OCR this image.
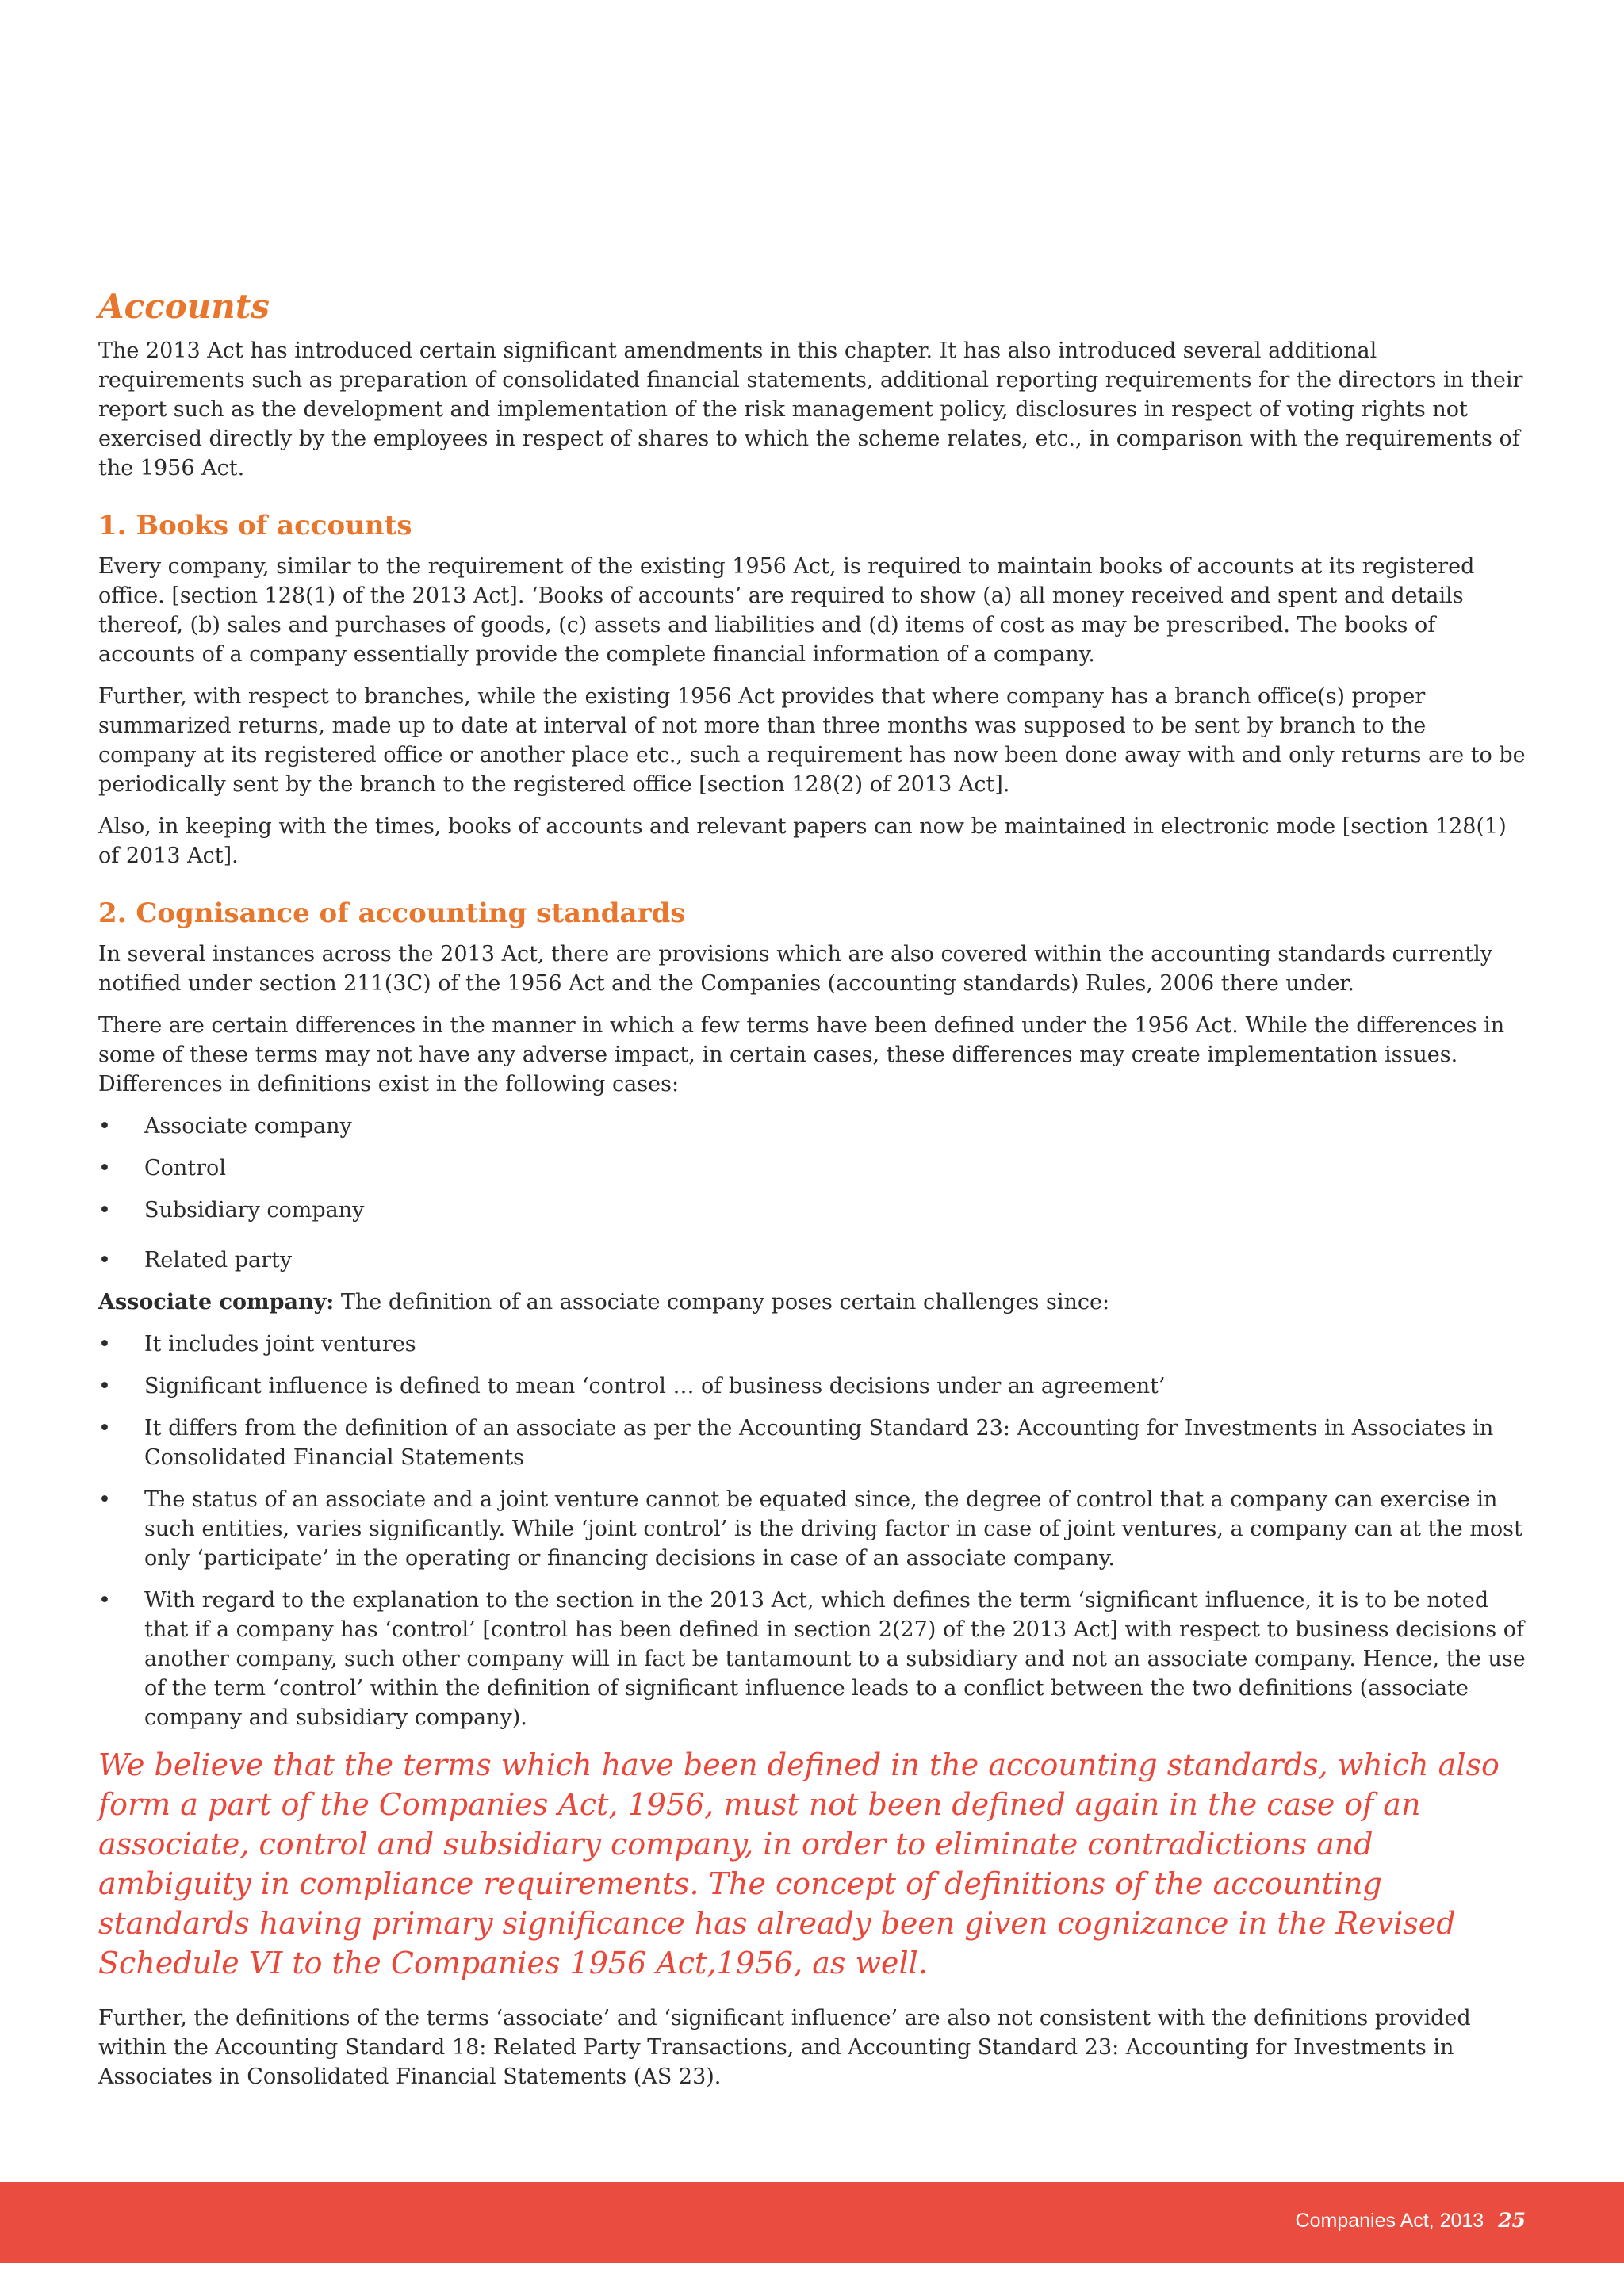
Accounts

The 2013 Act has introduced certain significant amendments in this chapter. It has also introduced several additional requirements such as preparation of consolidated financial statements, additional reporting requirements for the directors in their report such as the development and implementation of the risk management policy, disclosures in respect of voting rights not exercised directly by the employees in respect of shares to which the scheme relates, etc., in comparison with the requirements of the 1956 Act.

1. Books of accounts

Every company, similar to the requirement of the existing 1956 Act, is required to maintain books of accounts at its registered office. [section 128(1) of the 2013 Act]. ‘Books of accounts’ are required to show (a) all money received and spent and details thereof, (b) sales and purchases of goods, (c) assets and liabilities and (d) items of cost as may be prescribed. The books of accounts of a company essentially provide the complete financial information of a company.

Further, with respect to branches, while the existing 1956 Act provides that where company has a branch office(s) proper summarized returns, made up to date at interval of not more than three months was supposed to be sent by branch to the company at its registered office or another place etc., such a requirement has now been done away with and only returns are to be periodically sent by the branch to the registered office [section 128(2) of 2013 Act].

Also, in keeping with the times, books of accounts and relevant papers can now be maintained in electronic mode [section 128(1) of 2013 Act].

2. Cognisance of accounting standards

In several instances across the 2013 Act, there are provisions which are also covered within the accounting standards currently notified under section 211(3C) of the 1956 Act and the Companies (accounting standards) Rules, 2006 there under.

There are certain differences in the manner in which a few terms have been defined under the 1956 Act. While the differences in some of these terms may not have any adverse impact, in certain cases, these differences may create implementation issues. Differences in definitions exist in the following cases:

• Associate company
• Control
• Subsidiary company
• Related party

Associate company: The definition of an associate company poses certain challenges since:

• It includes joint ventures
• Significant influence is defined to mean ‘control … of business decisions under an agreement’
• It differs from the definition of an associate as per the Accounting Standard 23: Accounting for Investments in Associates in Consolidated Financial Statements
• The status of an associate and a joint venture cannot be equated since, the degree of control that a company can exercise in such entities, varies significantly. While ‘joint control’ is the driving factor in case of joint ventures, a company can at the most only ‘participate’ in the operating or financing decisions in case of an associate company.
• With regard to the explanation to the section in the 2013 Act, which defines the term ‘significant influence, it is to be noted that if a company has ‘control’ [control has been defined in section 2(27) of the 2013 Act] with respect to business decisions of another company, such other company will in fact be tantamount to a subsidiary and not an associate company. Hence, the use of the term ‘control’ within the definition of significant influence leads to a conflict between the two definitions (associate company and subsidiary company).

We believe that the terms which have been defined in the accounting standards, which also form a part of the Companies Act, 1956, must not been defined again in the case of an associate, control and subsidiary company, in order to eliminate contradictions and ambiguity in compliance requirements. The concept of definitions of the accounting standards having primary significance has already been given cognizance in the Revised Schedule VI to the Companies 1956 Act,1956, as well.

Further, the definitions of the terms ‘associate’ and ‘significant influence’ are also not consistent with the definitions provided within the Accounting Standard 18: Related Party Transactions, and Accounting Standard 23: Accounting for Investments in Associates in Consolidated Financial Statements (AS 23).

Companies Act, 2013 25
